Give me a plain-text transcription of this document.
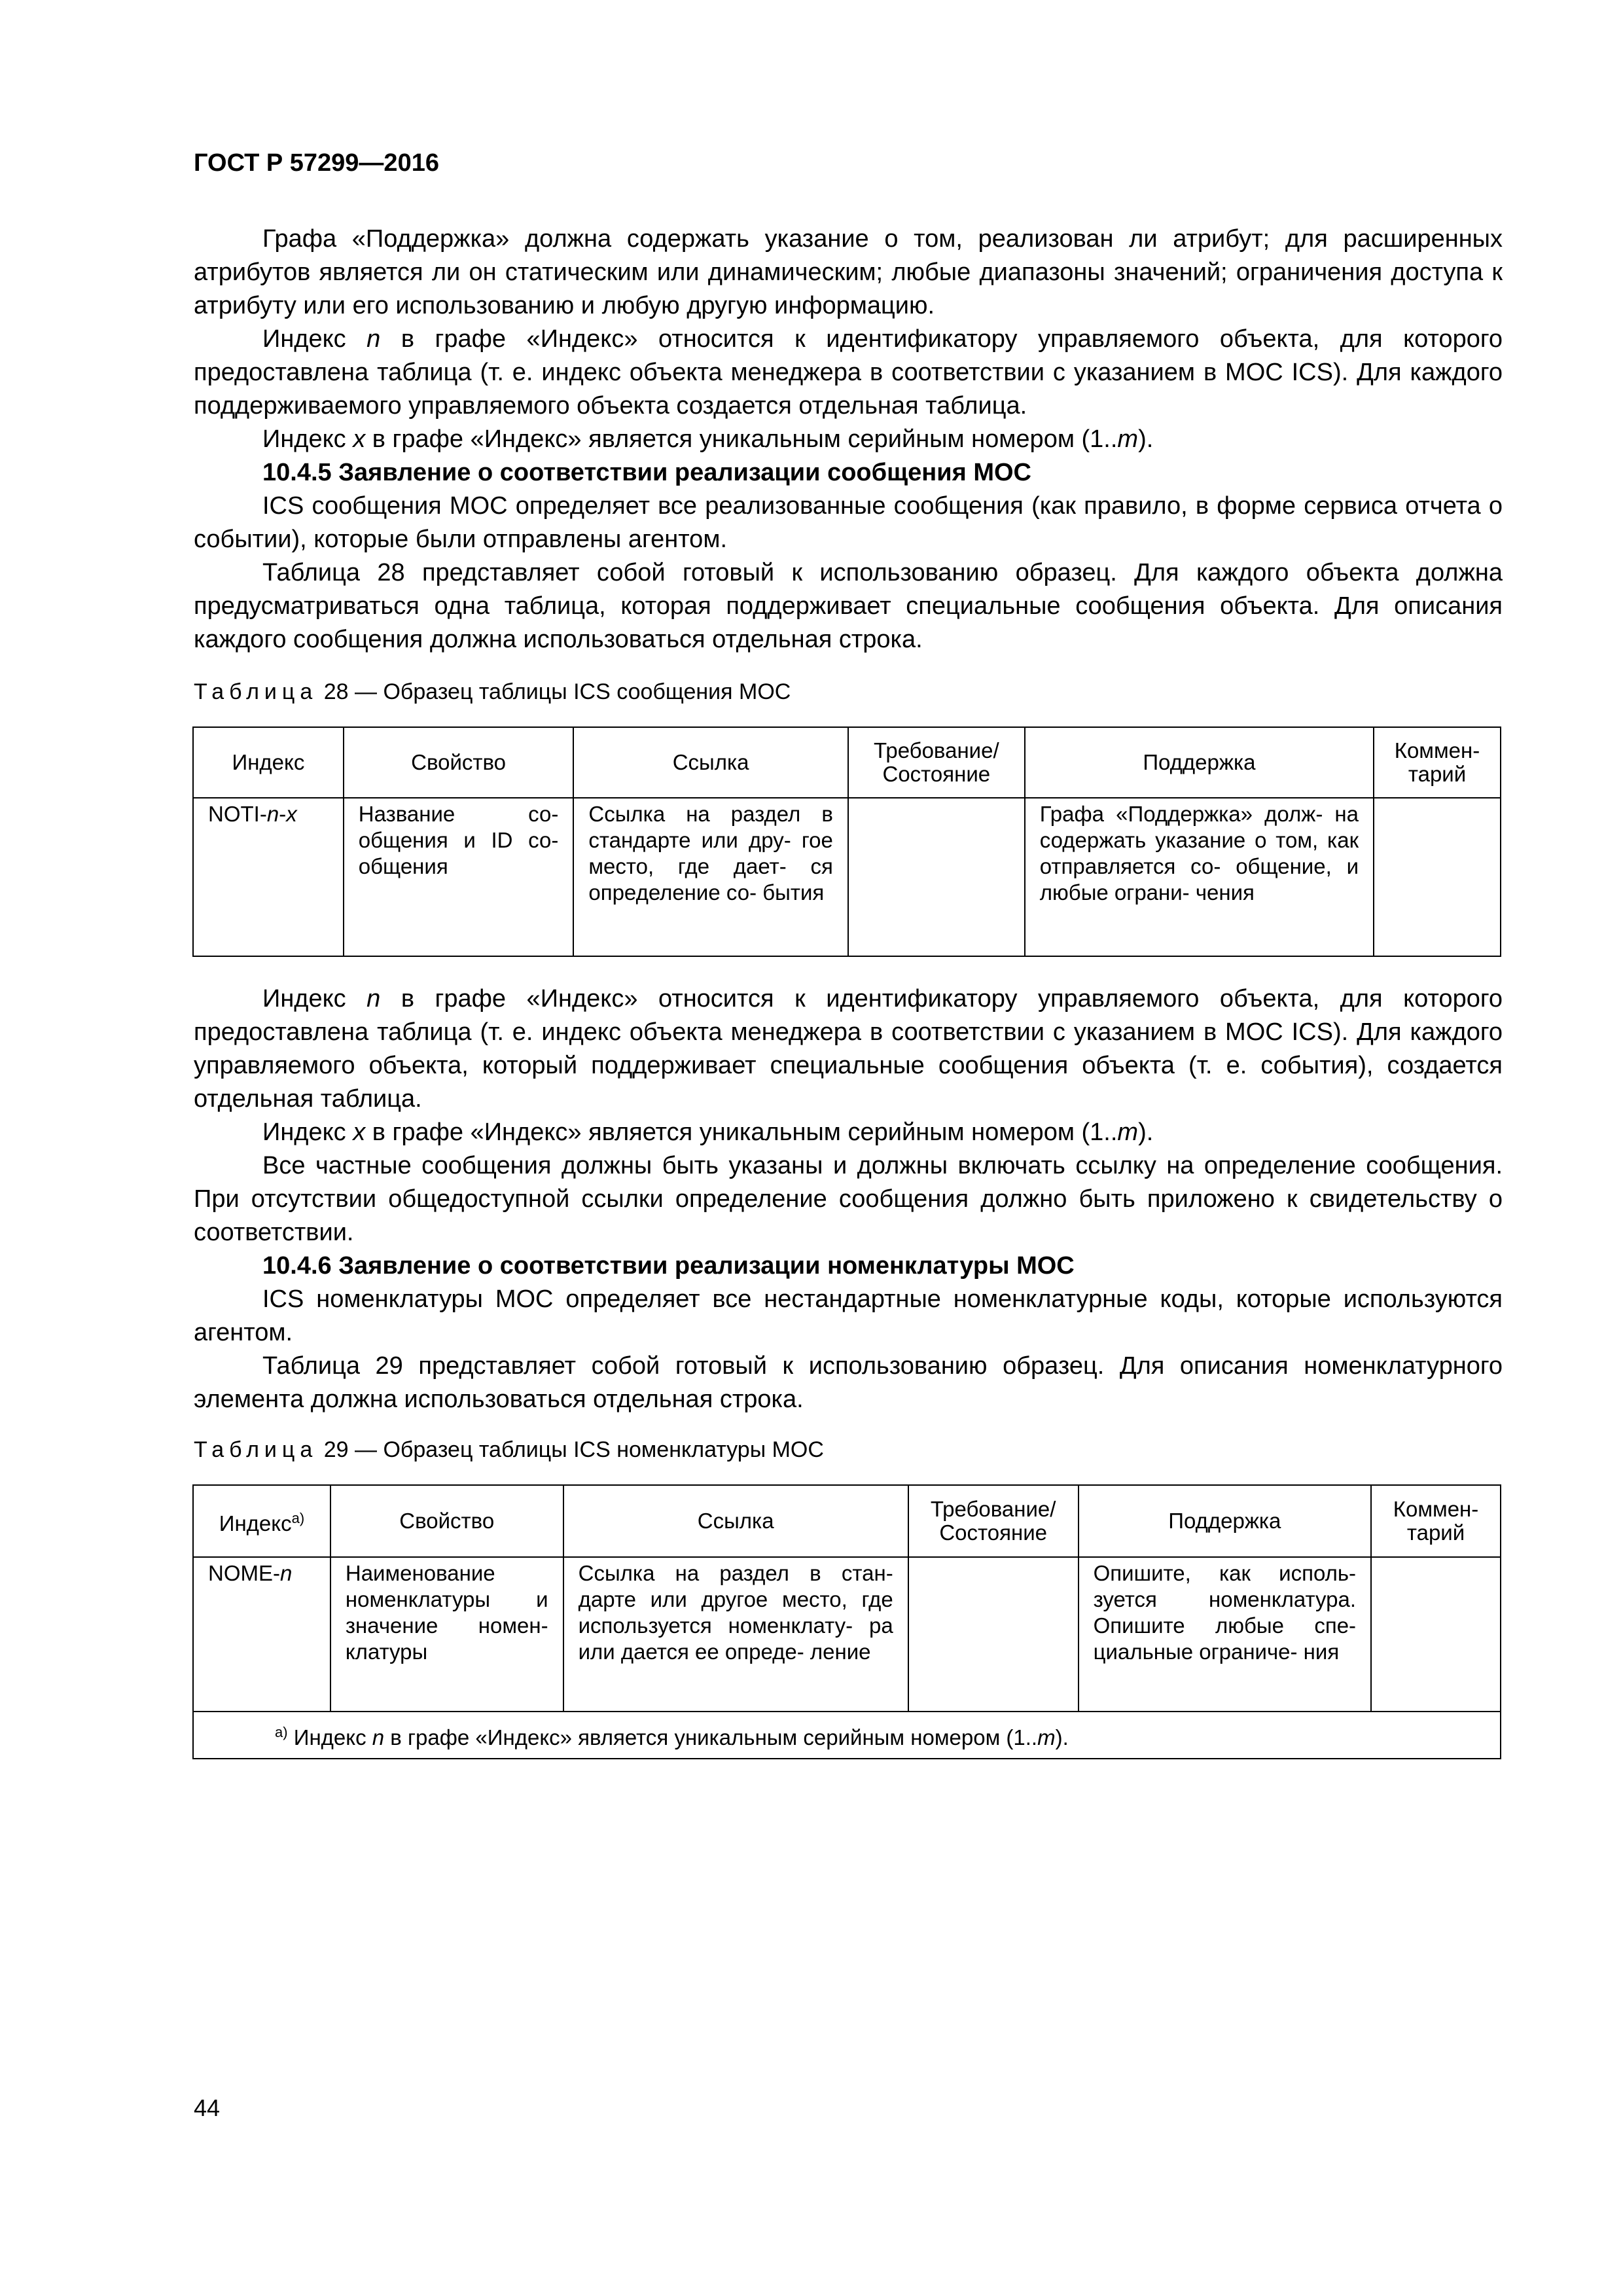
ГОСТ Р 57299—2016

Графа «Поддержка» должна содержать указание о том, реализован ли атрибут; для расширенных атрибутов является ли он статическим или динамическим; любые диапазоны значений; ограничения доступа к атрибуту или его использованию и любую другую информацию.

Индекс n в графе «Индекс» относится к идентификатору управляемого объекта, для которого предоставлена таблица (т. е. индекс объекта менеджера в соответствии с указанием в MOC ICS). Для каждого поддерживаемого управляемого объекта создается отдельная таблица.

Индекс x в графе «Индекс» является уникальным серийным номером (1..m).

10.4.5 Заявление о соответствии реализации сообщения MOC

ICS сообщения MOC определяет все реализованные сообщения (как правило, в форме сервиса отчета о событии), которые были отправлены агентом.

Таблица 28 представляет собой готовый к использованию образец. Для каждого объекта должна предусматриваться одна таблица, которая поддерживает специальные сообщения объекта. Для описания каждого сообщения должна использоваться отдельная строка.

Таблица 28 — Образец таблицы ICS сообщения MOC
Индекс	Свойство	Ссылка	Требование/ Состояние	Поддержка	Коммен- тарий
NOTI-n-x	Название со- общения и ID со- общения	Ссылка на раздел в стандарте или дру- гое место, где дает- ся определение со- бытия		Графа «Поддержка» долж- на содержать указание о том, как отправляется со- общение, и любые ограни- чения	

Индекс n в графе «Индекс» относится к идентификатору управляемого объекта, для которого предоставлена таблица (т. е. индекс объекта менеджера в соответствии с указанием в MOC ICS). Для каждого управляемого объекта, который поддерживает специальные сообщения объекта (т. е. события), создается отдельная таблица.

Индекс x в графе «Индекс» является уникальным серийным номером (1..m).

Все частные сообщения должны быть указаны и должны включать ссылку на определение сообщения. При отсутствии общедоступной ссылки определение сообщения должно быть приложено к свидетельству о соответствии.

10.4.6 Заявление о соответствии реализации номенклатуры MOC

ICS номенклатуры MOC определяет все нестандартные номенклатурные коды, которые используются агентом.

Таблица 29 представляет собой готовый к использованию образец. Для описания номенклатурного элемента должна использоваться отдельная строка.

Таблица 29 — Образец таблицы ICS номенклатуры MOC
Индекс$^{а)}$	Свойство	Ссылка	Требование/ Состояние	Поддержка	Коммен- тарий
NOME-n	Наименование номенклатуры и значение номен- клатуры	Ссылка на раздел в стан- дарте или другое место, где используется номенклату- ра или дается ее опреде- ление		Опишите, как исполь- зуется номенклатура. Опишите любые спе- циальные ограниче- ния	
$^{а)}$ Индекс n в графе «Индекс» является уникальным серийным номером (1..m).					
44
